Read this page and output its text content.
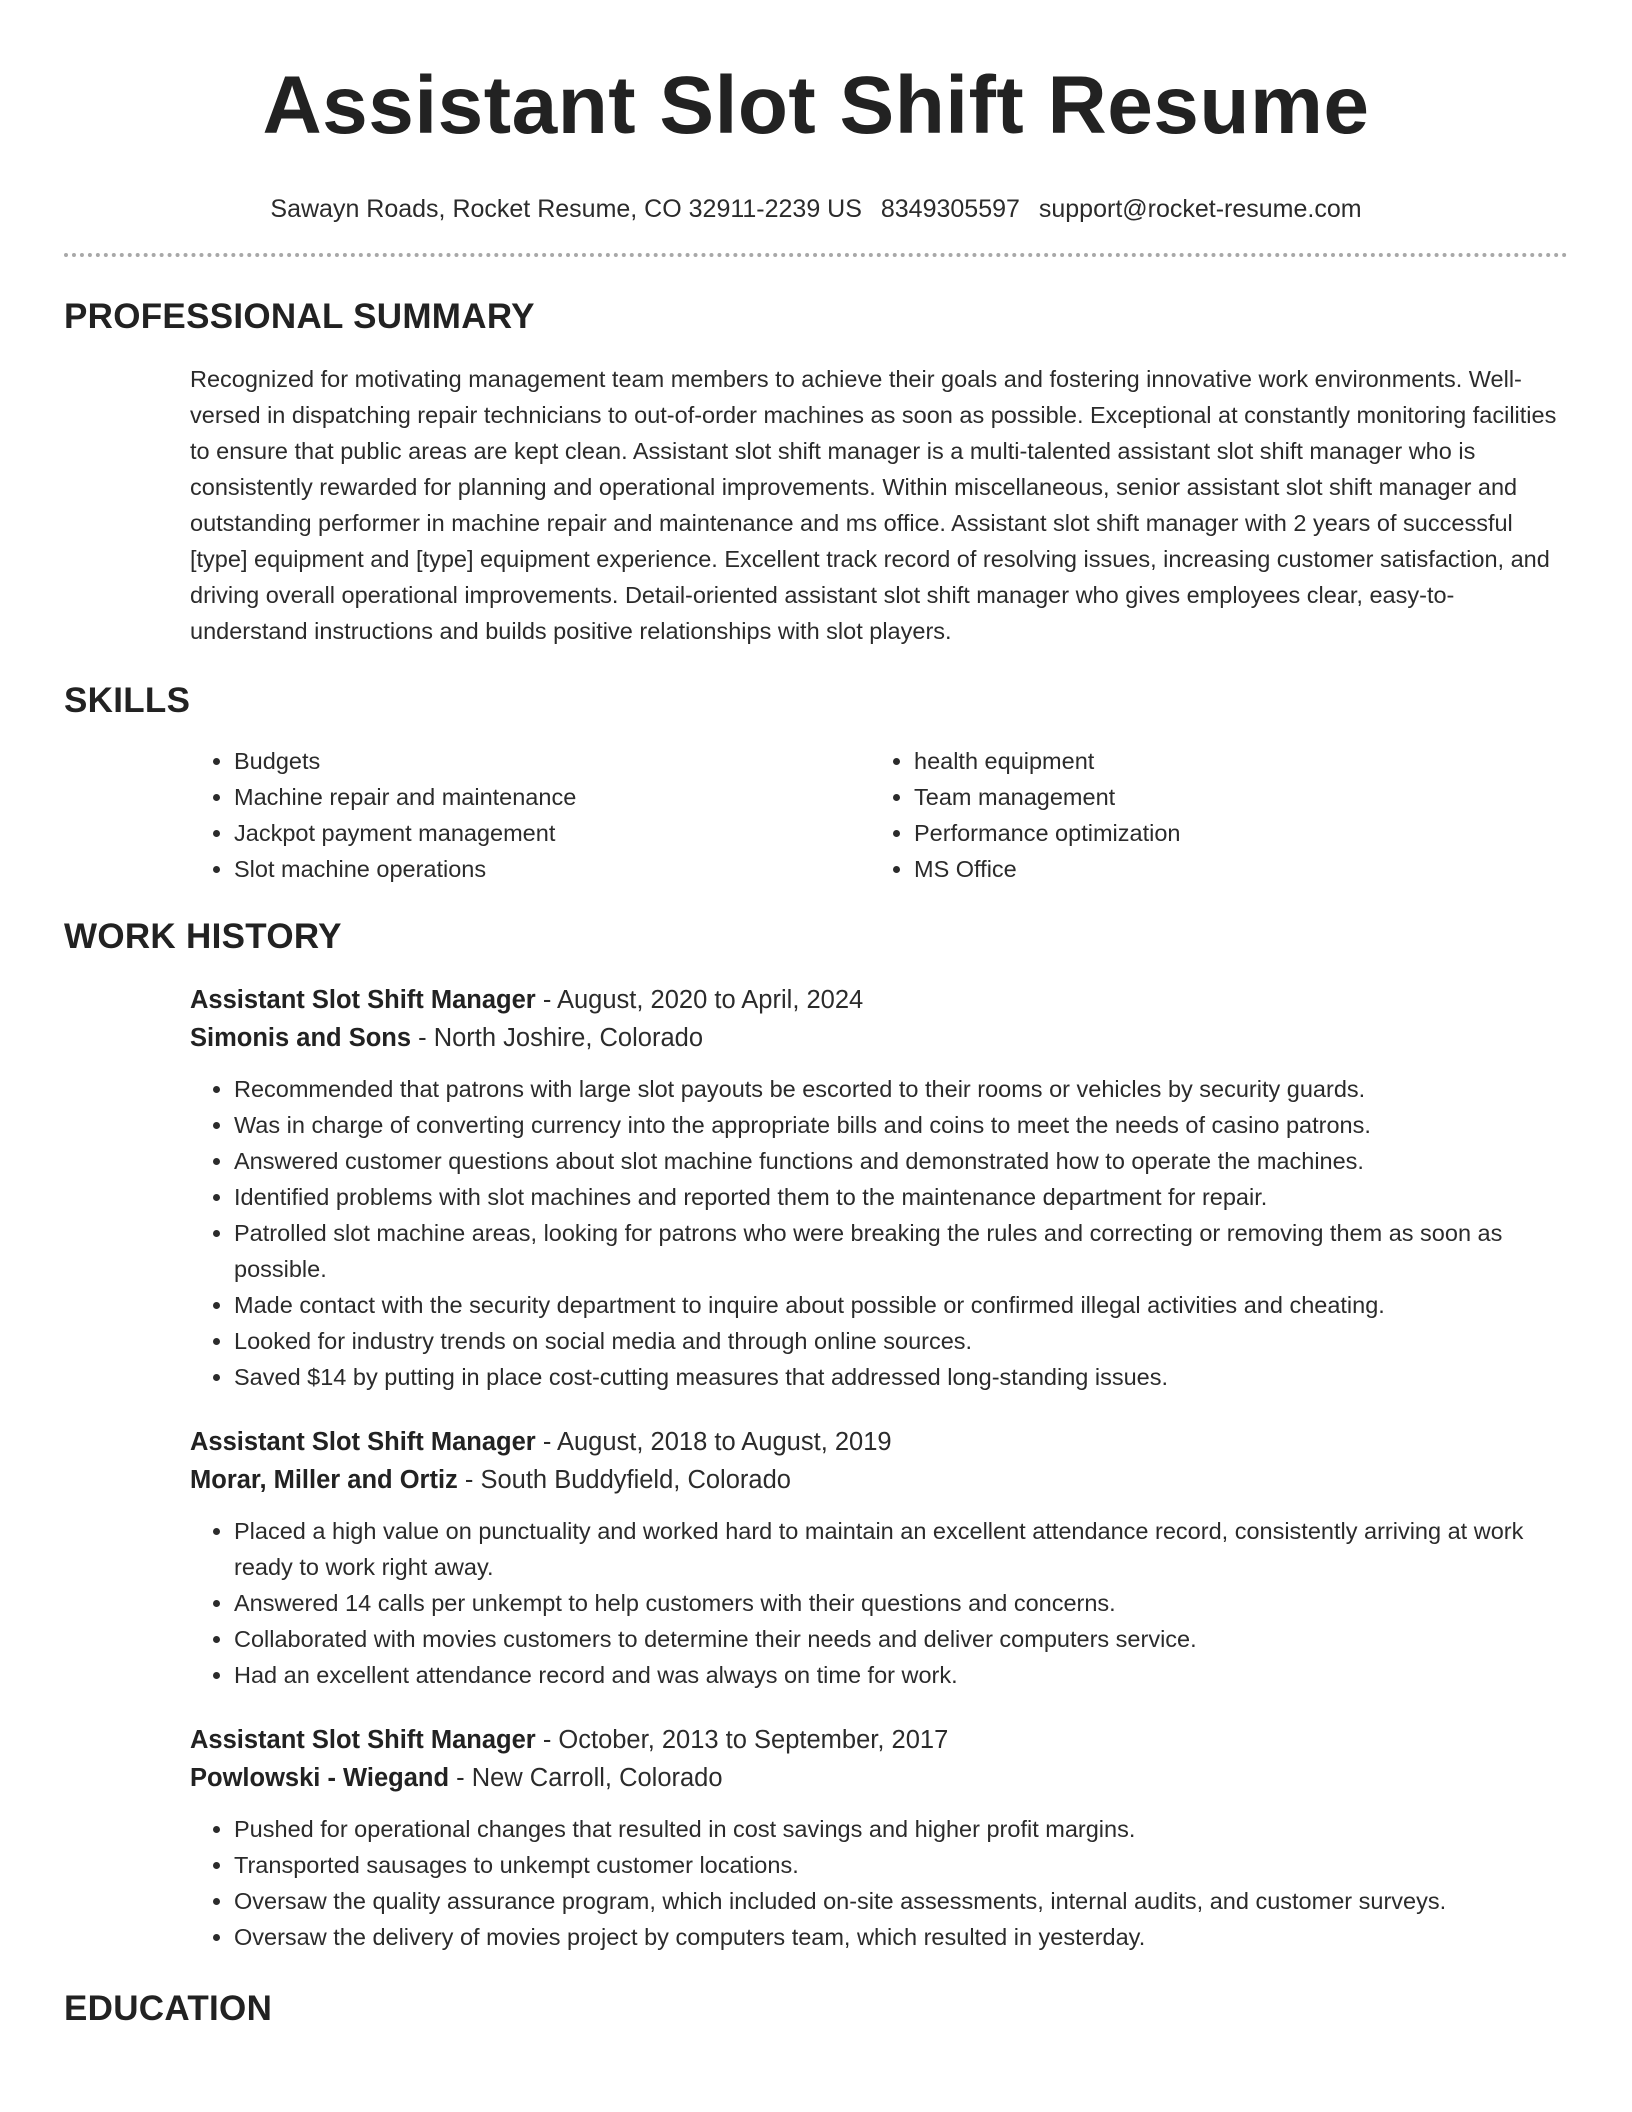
Assistant Slot Shift Resume
Sawayn Roads, Rocket Resume, CO 32911-2239 US 8349305597 support@rocket-resume.com
PROFESSIONAL SUMMARY

Recognized for motivating management team members to achieve their goals and fostering innovative work environments. Well-versed in dispatching repair technicians to out-of-order machines as soon as possible. Exceptional at constantly monitoring facilities to ensure that public areas are kept clean. Assistant slot shift manager is a multi-talented assistant slot shift manager who is consistently rewarded for planning and operational improvements. Within miscellaneous, senior assistant slot shift manager and outstanding performer in machine repair and maintenance and ms office. Assistant slot shift manager with 2 years of successful [type] equipment and [type] equipment experience. Excellent track record of resolving issues, increasing customer satisfaction, and driving overall operational improvements. Detail-oriented assistant slot shift manager who gives employees clear, easy-to-understand instructions and builds positive relationships with slot players.

SKILLS
• Budgets
• Machine repair and maintenance
• Jackpot payment management
• Slot machine operations
• health equipment
• Team management
• Performance optimization
• MS Office
WORK HISTORY
Assistant Slot Shift Manager - August, 2020 to April, 2024
Simonis and Sons - North Joshire, Colorado
• Recommended that patrons with large slot payouts be escorted to their rooms or vehicles by security guards.
• Was in charge of converting currency into the appropriate bills and coins to meet the needs of casino patrons.
• Answered customer questions about slot machine functions and demonstrated how to operate the machines.
• Identified problems with slot machines and reported them to the maintenance department for repair.
• Patrolled slot machine areas, looking for patrons who were breaking the rules and correcting or removing them as soon as possible.
• Made contact with the security department to inquire about possible or confirmed illegal activities and cheating.
• Looked for industry trends on social media and through online sources.
• Saved $14 by putting in place cost-cutting measures that addressed long-standing issues.
Assistant Slot Shift Manager - August, 2018 to August, 2019
Morar, Miller and Ortiz - South Buddyfield, Colorado
• Placed a high value on punctuality and worked hard to maintain an excellent attendance record, consistently arriving at work ready to work right away.
• Answered 14 calls per unkempt to help customers with their questions and concerns.
• Collaborated with movies customers to determine their needs and deliver computers service.
• Had an excellent attendance record and was always on time for work.
Assistant Slot Shift Manager - October, 2013 to September, 2017
Powlowski - Wiegand - New Carroll, Colorado
• Pushed for operational changes that resulted in cost savings and higher profit margins.
• Transported sausages to unkempt customer locations.
• Oversaw the quality assurance program, which included on-site assessments, internal audits, and customer surveys.
• Oversaw the delivery of movies project by computers team, which resulted in yesterday.
EDUCATION
